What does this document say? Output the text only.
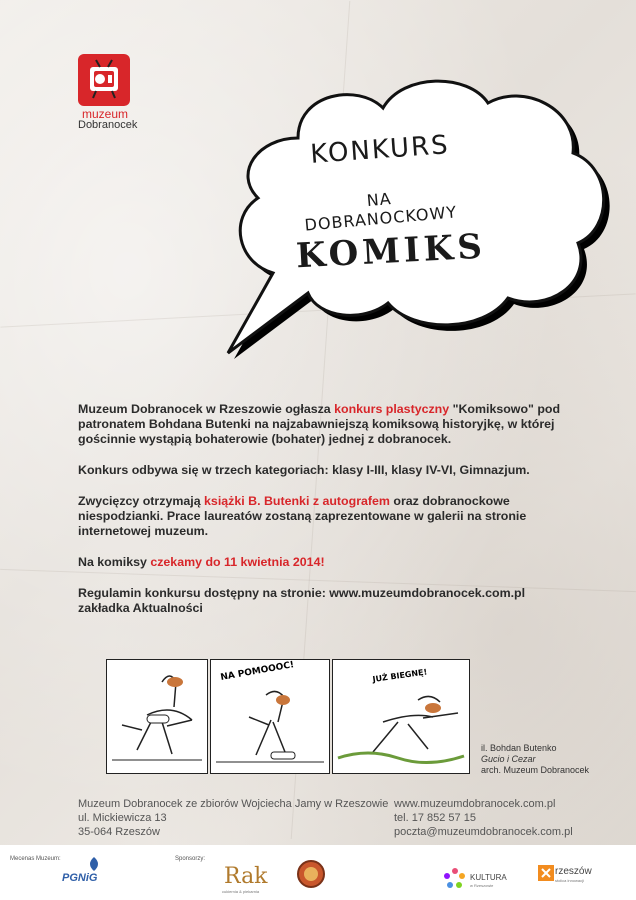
muzeum
Dobranocek
KONKURS
NA DOBRANOCKOWY
KOMIKS

Muzeum Dobranocek w Rzeszowie ogłasza konkurs plastyczny "Komiksowo" pod patronatem Bohdana Butenki na najzabawniejszą komiksową historyjkę, w której gościnnie wystąpią bohaterowie (bohater) jednej z dobranocek.

Konkurs odbywa się w trzech kategoriach: klasy I-III, klasy IV-VI, Gimnazjum.

Zwycięzcy otrzymają książki B. Butenki z autografem oraz dobranockowe niespodzianki. Prace laureatów zostaną zaprezentowane w galerii na stronie internetowej muzeum.

Na komiksy czekamy do 11 kwietnia 2014!

Regulamin konkursu dostępny na stronie: www.muzeumdobranocek.com.pl zakładka Aktualności

NA POMOOOC!	JUŻ BIEGNĘ!
il. Bohdan Butenko
Gucio i Cezar
arch. Muzeum Dobranocek
Muzeum Dobranocek ze zbiorów Wojciecha Jamy w Rzeszowie
ul. Mickiewicza 13
35-064 Rzeszów
www.muzeumdobranocek.com.pl
tel. 17 852 57 15
poczta@muzeumdobranocek.com.pl
Mecenas Muzeum:	Sponsorzy:
PGNiG	Rak
cukiernia & piekarnia
KULTURA
w Rzeszowie
rzeszów
stolica innowacji
